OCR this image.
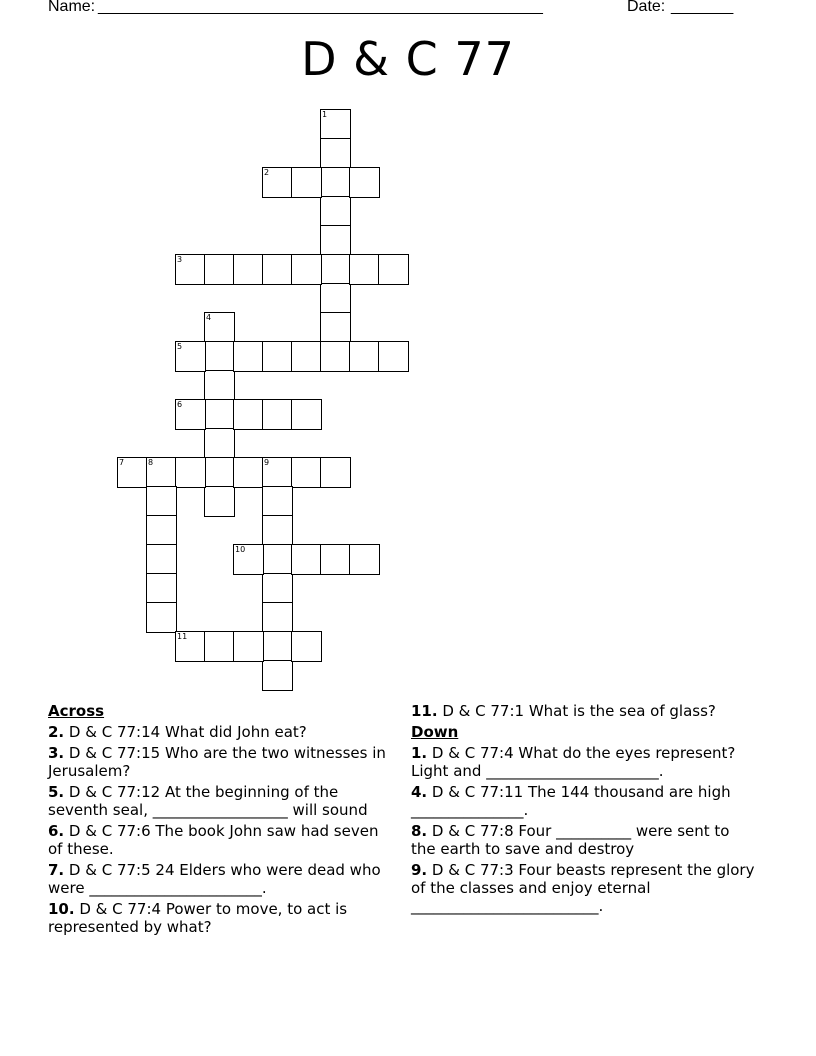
Name: __________________________________________________	Date: _______
D & C 77
1
2
3
4
5
6
7	8	9
10
11
Across
2. D & C 77:14 What did John eat?
3. D & C 77:15 Who are the two witnesses in Jerusalem?
5. D & C 77:12 At the beginning of the seventh seal, __________________ will sound
6. D & C 77:6 The book John saw had seven of these.
7. D & C 77:5 24 Elders who were dead who were _______________________.
10. D & C 77:4 Power to move, to act is represented by what?
11. D & C 77:1 What is the sea of glass?
Down
1. D & C 77:4 What do the eyes represent? Light and _______________________.
4. D & C 77:11 The 144 thousand are high _______________.
8. D & C 77:8 Four __________ were sent to the earth to save and destroy
9. D & C 77:3 Four beasts represent the glory of the classes and enjoy eternal _________________________.
